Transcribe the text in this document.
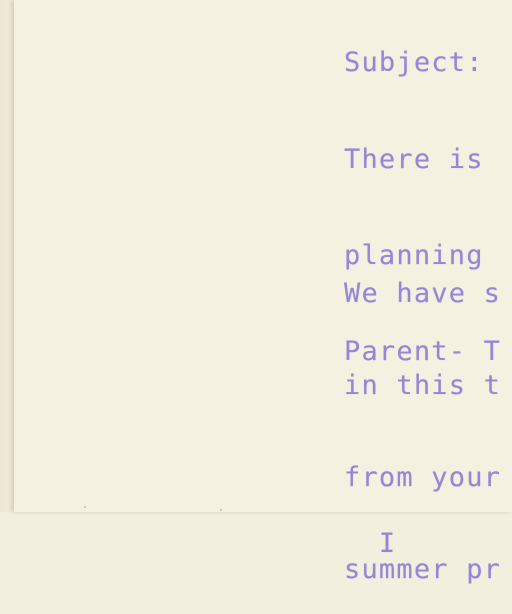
Subject:

There is

planning

Parent- T

We have s

in this t

from your

summer pr

I
